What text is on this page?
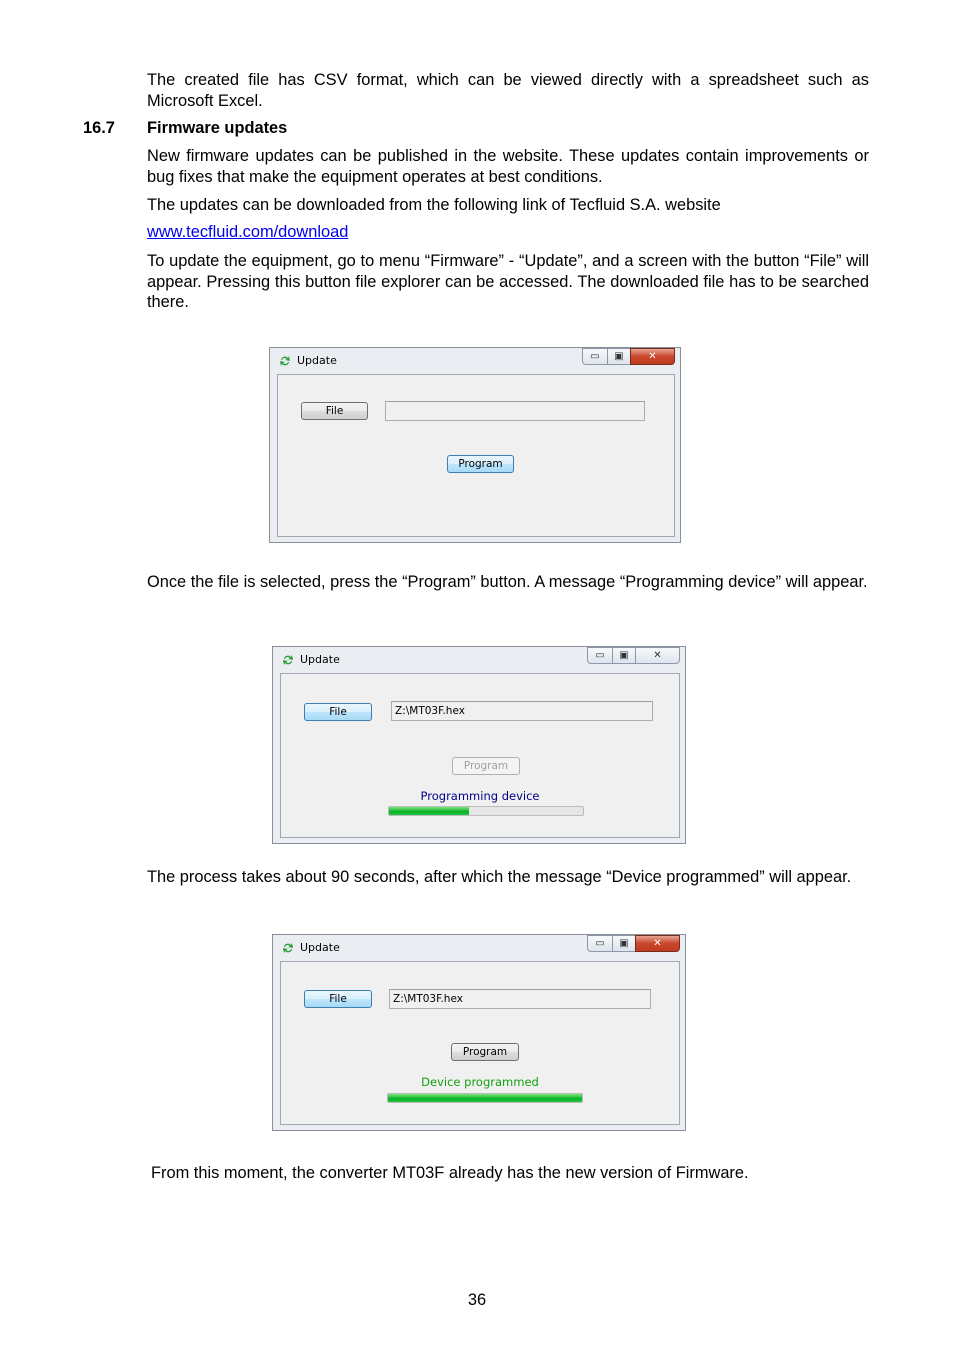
The created file has CSV format, which can be viewed directly with a spreadsheet such as Microsoft Excel.

16.7 Firmware updates

New firmware updates can be published in the website. These updates contain improvements or bug fixes that make the equipment operates at best conditions.

The updates can be downloaded from the following link of Tecfluid S.A. website

www.tecfluid.com/download

To update the equipment, go to menu “Firmware” - “Update”, and a screen with the button “File” will appear. Pressing this button file explorer can be accessed. The downloaded file has to be searched there.

Update	▭	▣	✕
File
Program

Once the file is selected, press the “Program” button. A message “Programming device” will appear.

Update	▭	▣	✕
File	Z:\MT03F.hex
Program
Programming device

The process takes about 90 seconds, after which the message “Device programmed” will appear.

Update	▭	▣	✕
File	Z:\MT03F.hex
Program
Device programmed

From this moment, the converter MT03F already has the new version of Firmware.

36
